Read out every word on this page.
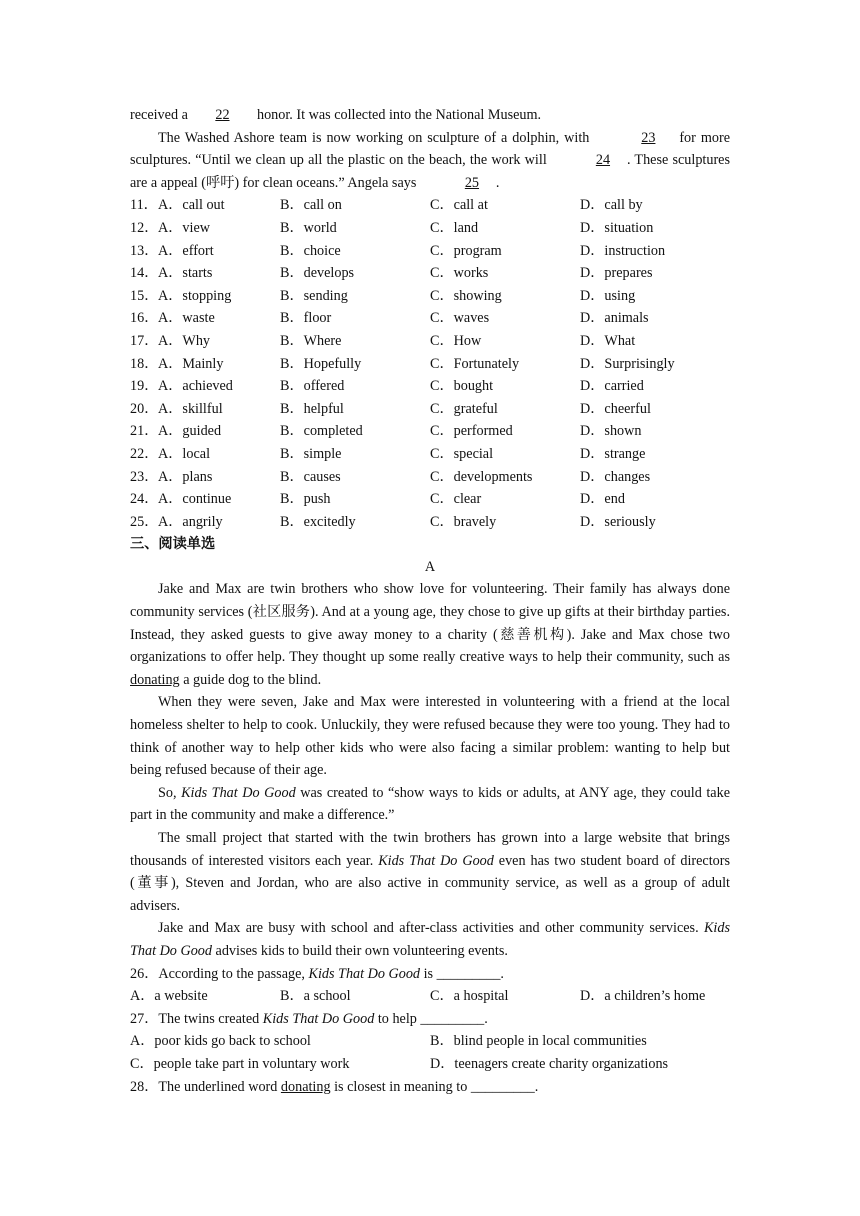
received a 22 honor. It was collected into the National Museum.

The Washed Ashore team is now working on sculpture of a dolphin, with	23 for more sculptures. “Until we clean up all the plastic on the beach, the work will	24 . These sculptures are a appeal (呼吁) for clean oceans.” Angela says	25 .

11． A．call out	B．call on	C．call at	D．call by
12． A．view	B．world	C．land	D．situation
13． A．effort	B．choice	C．program	D．instruction
14． A．starts	B．develops	C．works	D．prepares
15． A．stopping	B．sending	C．showing	D．using
16． A．waste	B．floor	C．waves	D．animals
17． A．Why	B．Where	C．How	D．What
18． A．Mainly	B．Hopefully	C．Fortunately	D．Surprisingly
19． A．achieved	B．offered	C．bought	D．carried
20． A．skillful	B．helpful	C．grateful	D．cheerful
21． A．guided	B．completed	C．performed	D．shown
22． A．local	B．simple	C．special	D．strange
23． A．plans	B．causes	C．developments	D．changes
24． A．continue	B．push	C．clear	D．end
25． A．angrily	B．excitedly	C．bravely	D．seriously
三、阅读单选
A

Jake and Max are twin brothers who show love for volunteering. Their family has always done community services (社区服务). And at a young age, they chose to give up gifts at their birthday parties. Instead, they asked guests to give away money to a charity (慈善机构). Jake and Max chose two organizations to offer help. They thought up some really creative ways to help their community, such as donating a guide dog to the blind.

When they were seven, Jake and Max were interested in volunteering with a friend at the local homeless shelter to help to cook. Unluckily, they were refused because they were too young. They had to think of another way to help other kids who were also facing a similar problem: wanting to help but being refused because of their age.

So, Kids That Do Good was created to “show ways to kids or adults, at ANY age, they could take part in the community and make a difference.”

The small project that started with the twin brothers has grown into a large website that brings thousands of interested visitors each year. Kids That Do Good even has two student board of directors (董事), Steven and Jordan, who are also active in community service, as well as a group of adult advisers.

Jake and Max are busy with school and after-class activities and other community services. Kids That Do Good advises kids to build their own volunteering events.

26．According to the passage, Kids That Do Good is _________.

A．a website	B．a school	C．a hospital	D．a children’s home

27．The twins created Kids That Do Good to help _________.

A．poor kids go back to school	B．blind people in local communities
C．people take part in voluntary work	D．teenagers create charity organizations

28．The underlined word donating is closest in meaning to _________.
